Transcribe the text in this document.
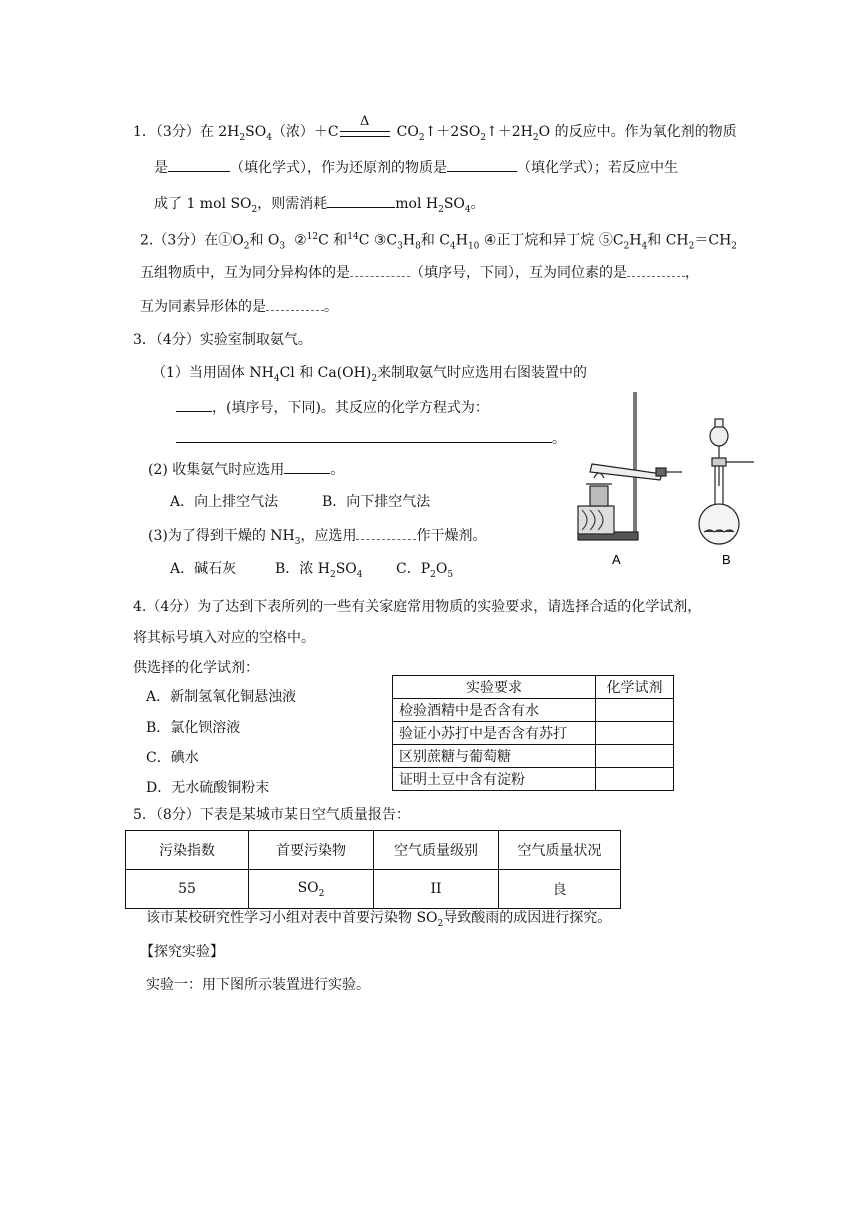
1．（3分）在 $2H_2SO_4$（浓）＋C	$CO_2↑+2SO_2↑+2H_2O$ 的反应中。作为氧化剂的物质
Δ
是	（填化学式），作为还原剂的物质是	（填化学式）；若反应中生
成了 1 mol $SO_2$，则需消耗	mol $H_2SO_4$。
2.（3分）在$①O_2$和 $O_3$ ②$^{12}$C 和$^{14}$C $③C_3H_8$和 $C_4H_{10}$ ④正丁烷和异丁烷 $⑤C_2H_4$和 $CH_2=CH_2$
五组物质中，互为同分异构体的是	（填序号，下同），互为同位素的是	，
互为同素异形体的是	。
3．（4分）实验室制取氨气。
（1）当用固体 $NH_4Cl$ 和 $Ca(OH)_2$来制取氨气时应选用右图装置中的
，(填序号，下同)。其反应的化学方程式为：
。
(2) 收集氨气时应选用	。
A．向上排空气法	B．向下排空气法
(3)为了得到干燥的 $NH_3$，应选用	作干燥剂。
A．碱石灰	B．浓 $H_2SO_4$ C．$P_2O_5$
A	B
4.（4分）为了达到下表所列的一些有关家庭常用物质的实验要求，请选择合适的化学试剂，
将其标号填入对应的空格中。
供选择的化学试剂：
A．新制氢氧化铜悬浊液
B．氯化钡溶液
C．碘水
D．无水硫酸铜粉末
实验要求	化学试剂
检验酒精中是否含有水	
验证小苏打中是否含有苏打	
区别蔗糖与葡萄糖	
证明土豆中含有淀粉	
5．（8分）下表是某城市某日空气质量报告：
污染指数	首要污染物	空气质量级别	空气质量状况
55	$SO_2$	II	良
该市某校研究性学习小组对表中首要污染物 $SO_2$导致酸雨的成因进行探究。
【探究实验】
实验一：用下图所示装置进行实验。
